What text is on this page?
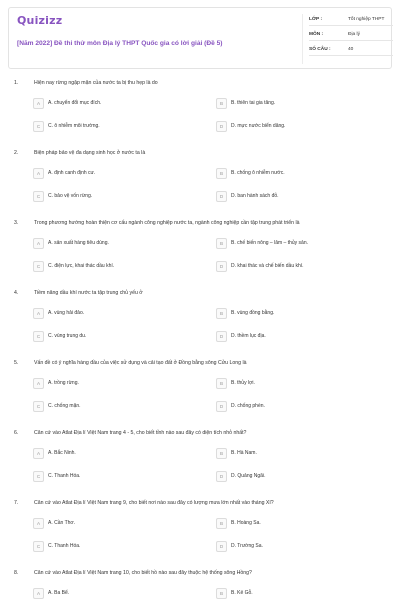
Quizizz
[Năm 2022] Đề thi thử môn Địa lý THPT Quốc gia có lời giải (Đề 5)
LỚP :	Tốt nghiệp THPT
MÔN :	Địa lý
SỐ CÂU :	40
1.	Hiện nay rừng ngập mặn của nước ta bị thu hẹp là do
A	A. chuyển đổi mục đích.	B	B. thiên tai gia tăng.
C	C. ô nhiễm môi trường.	D	D. mực nước biển dâng.
2.	Biện pháp bảo vệ đa dạng sinh học ở nước ta là
A	A. định canh định cư.	B	B. chống ô nhiễm nước.
C	C. bảo vệ vốn rừng.	D	D. ban hành sách đỏ.
3.	Trong phương hướng hoàn thiện cơ cấu ngành công nghiệp nước ta, ngành công nghiệp cần tập trung phát triển là
A	A. sản xuất hàng tiêu dùng.	B	B. chế biến nông – lâm – thủy sản.
C	C. điện lực, khai thác dầu khí.	D	D. khai thác và chế biến dầu khí.
4.	Tiềm năng dầu khí nước ta tập trung chủ yếu ở
A	A. vùng hải đảo.	B	B. vùng đồng bằng.
C	C. vùng trung du.	D	D. thềm lục địa.
5.	Vấn đề có ý nghĩa hàng đầu của việc sử dụng và cải tạo đất ở Đồng bằng sông Cửu Long là
A	A. trồng rừng.	B	B. thủy lợi.
C	C. chống mặn.	D	D. chống phèn.
6.	Căn cứ vào Atlat Địa lí Việt Nam trang 4 - 5, cho biết tỉnh nào sau đây có diện tích nhỏ nhất?
A	A. Bắc Ninh.	B	B. Hà Nam.
C	C. Thanh Hóa.	D	D. Quảng Ngãi.
7.	Căn cứ vào Atlat Địa lí Việt Nam trang 9, cho biết nơi nào sau đây có lượng mưa lớn nhất vào tháng XI?
A	A. Cần Thơ.	B	B. Hoàng Sa.
C	C. Thanh Hóa.	D	D. Trường Sa.
8.	Căn cứ vào Atlat Địa lí Việt Nam trang 10, cho biết hồ nào sau đây thuộc hệ thống sông Hồng?
A	A. Ba Bể.	B	B. Kẻ Gỗ.
